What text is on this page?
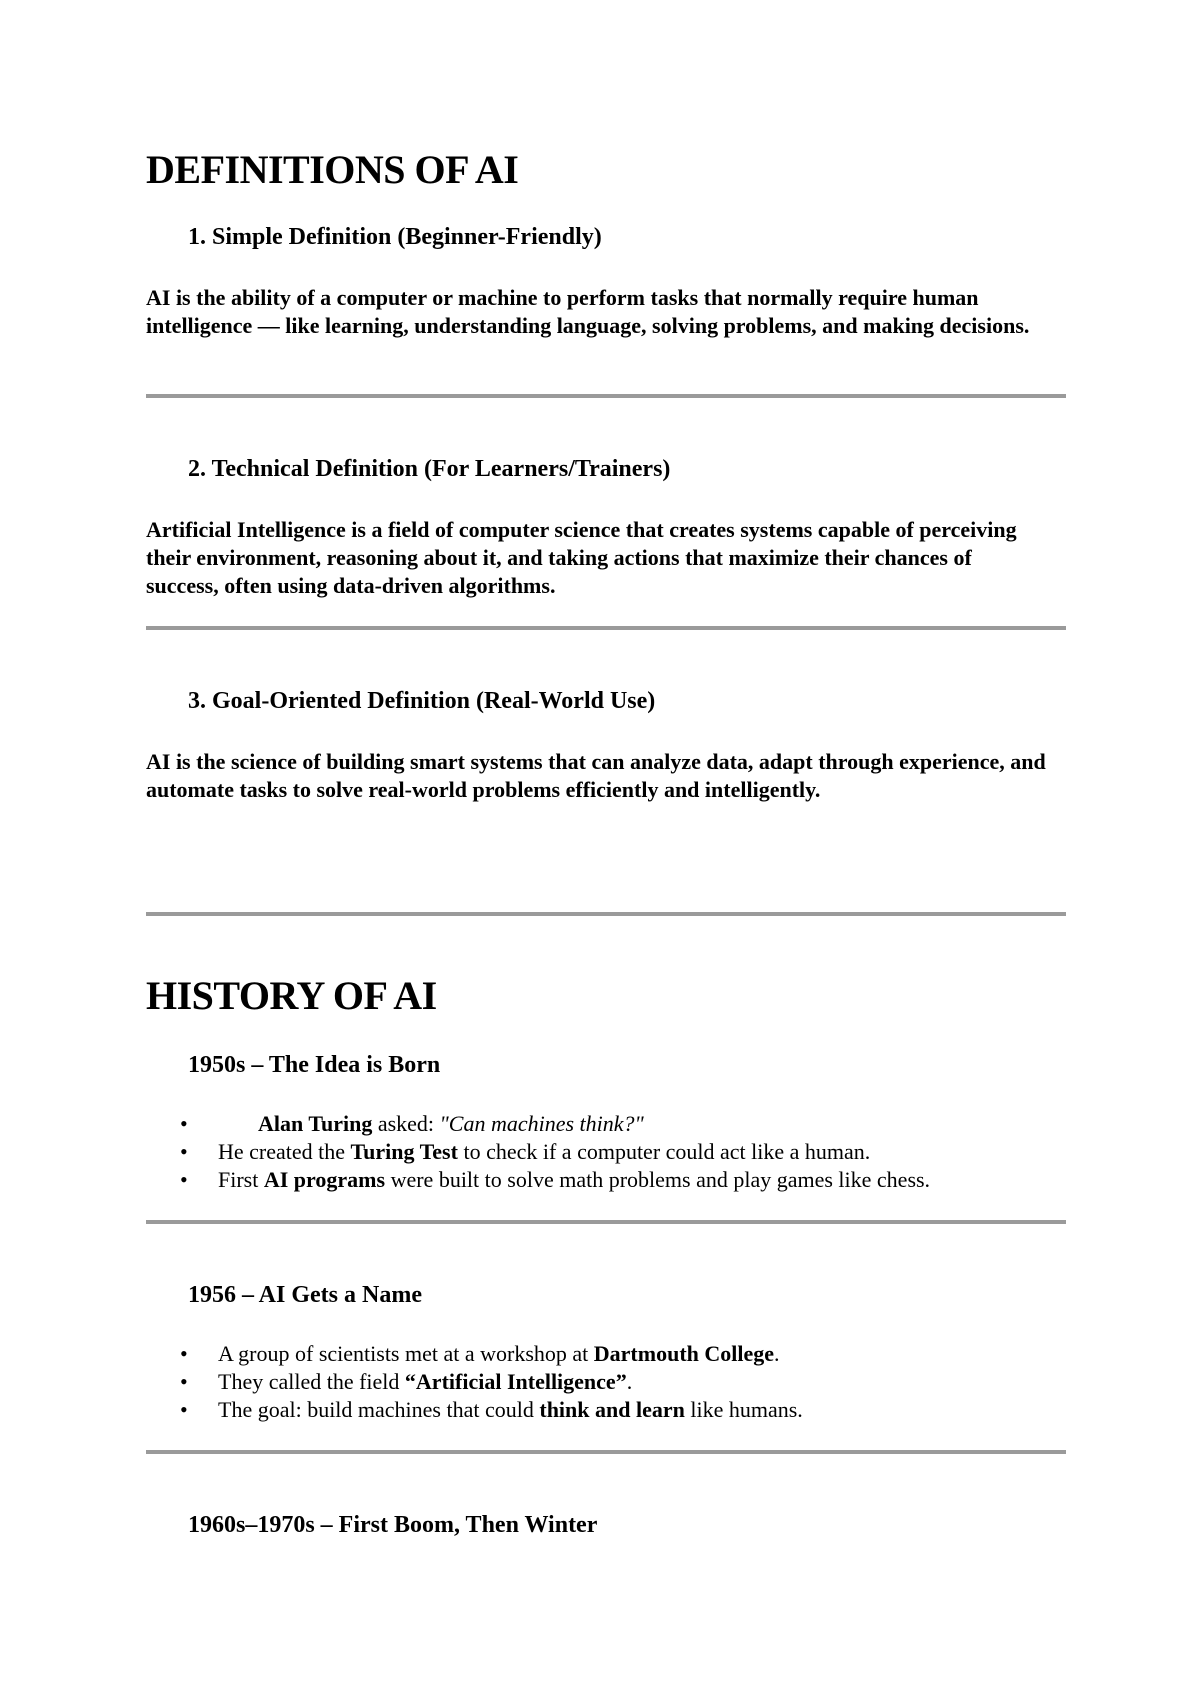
DEFINITIONS OF AI
1. Simple Definition (Beginner-Friendly)

AI is the ability of a computer or machine to perform tasks that normally require human intelligence — like learning, understanding language, solving problems, and making decisions.

2. Technical Definition (For Learners/Trainers)

Artificial Intelligence is a field of computer science that creates systems capable of perceiving their environment, reasoning about it, and taking actions that maximize their chances of success, often using data-driven algorithms.

3. Goal-Oriented Definition (Real-World Use)

AI is the science of building smart systems that can analyze data, adapt through experience, and automate tasks to solve real-world problems efficiently and intelligently.

HISTORY OF AI
1950s – The Idea is Born
•	Alan Turing asked: "Can machines think?"
• He created the Turing Test to check if a computer could act like a human.
• First AI programs were built to solve math problems and play games like chess.
1956 – AI Gets a Name
• A group of scientists met at a workshop at Dartmouth College.
• They called the field “Artificial Intelligence”.
• The goal: build machines that could think and learn like humans.
1960s–1970s – First Boom, Then Winter
